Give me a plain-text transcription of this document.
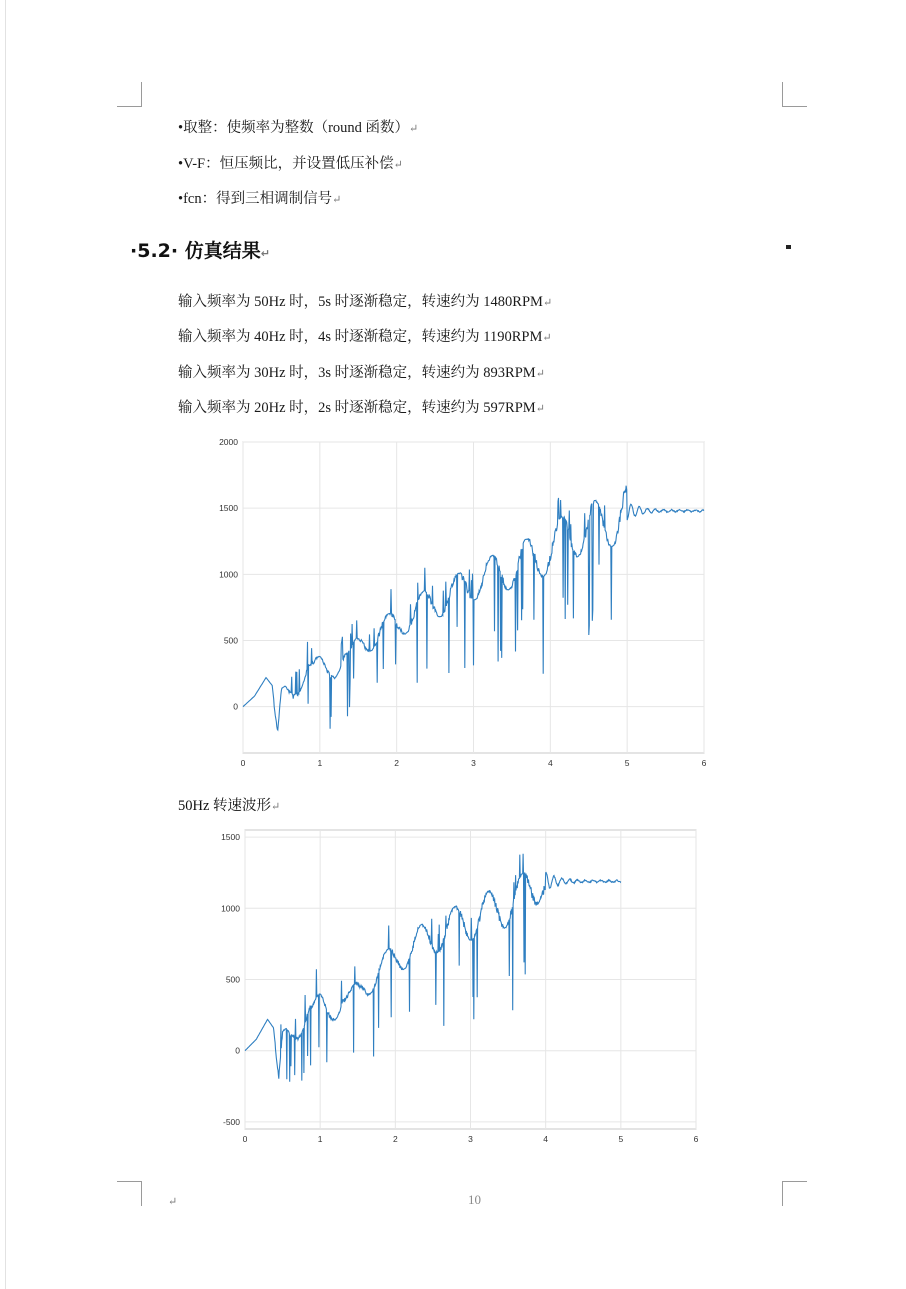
•取整：使频率为整数（round 函数）↵
•V-F：恒压频比，并设置低压补偿↵
•fcn：得到三相调制信号↵
·5.2· 仿真结果↵
输入频率为 50Hz 时，5s 时逐渐稳定，转速约为 1480RPM↵
输入频率为 40Hz 时，4s 时逐渐稳定，转速约为 1190RPM↵
输入频率为 30Hz 时，3s 时逐渐稳定，转速约为 893RPM↵
输入频率为 20Hz 时，2s 时逐渐稳定，转速约为 597RPM↵
0	1	2	3	4	5	6
0
500
1000
1500
2000
50Hz 转速波形↵
0	1	2	3	4	5	6
-500
0
500
1000
1500
↵	10
